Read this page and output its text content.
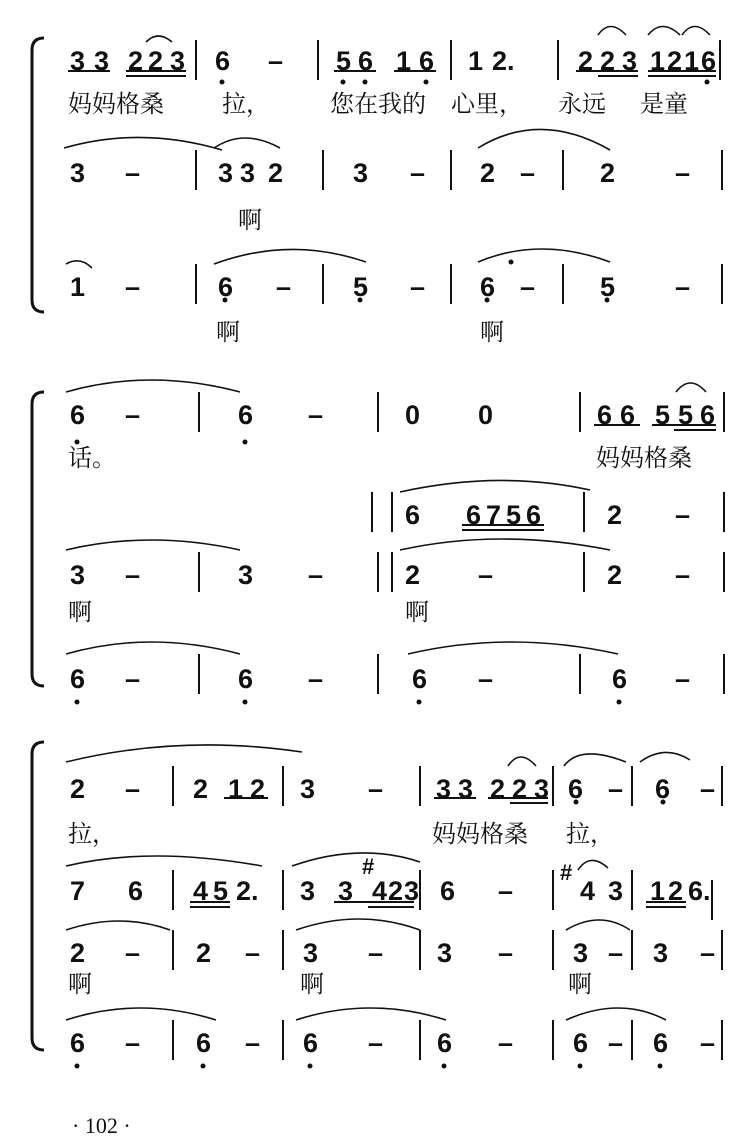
#	#
3 3 2 2 3 6 – 5 6 1 6 1 2. 2 2 3 1 2 1 6
妈妈格桑 拉，	您在我的 心里， 永远 是童
3 –	3 3 2	3 – 2 – 2 –
啊
1 –	6 – 5 – 6 – 5 –
啊	啊
6 –	6 –	0 0	6 6 5 5 6
话。	妈妈格桑
6 6 7 5 6 2 –
3 –	3 –	2 –	2 –
啊	啊
6 –	6 –	6 –	6 –
2 – 2 1 2 3 – 3 3 2 2 3 6 – 6 –
拉，	妈妈格桑 拉，
7 6 4 5 2. 3 3 4 2 3 6 – 4 3 1 2 6.
2 – 2 – 3 – 3 – 3 – 3 –
啊	啊	啊
6 – 6 – 6 – 6 – 6 – 6 –
· 102 ·
